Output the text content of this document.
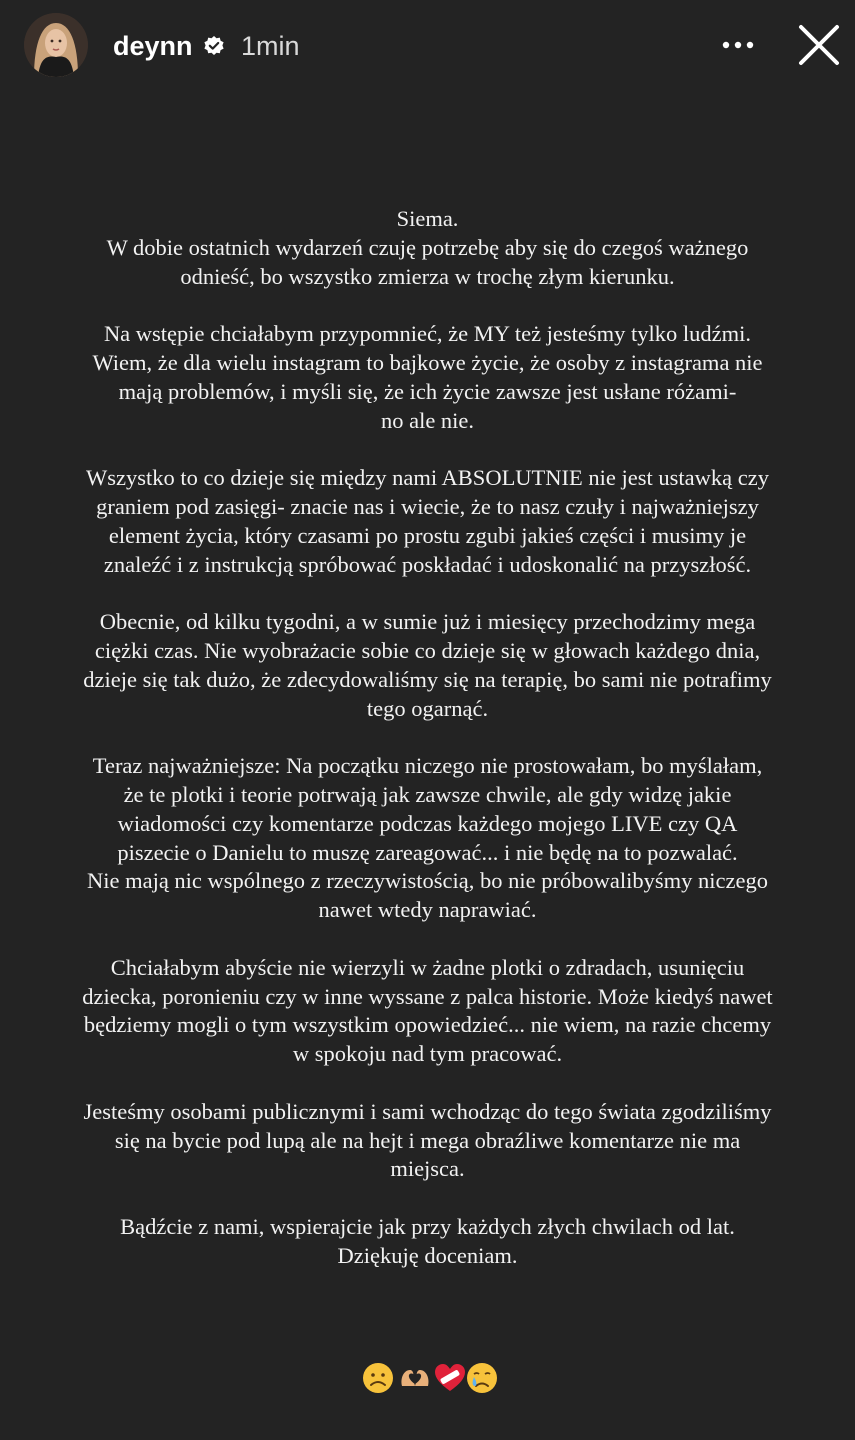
deynn 1min

Siema.
W dobie ostatnich wydarzeń czuję potrzebę aby się do czegoś ważnego
odnieść, bo wszystko zmierza w trochę złym kierunku.

Na wstępie chciałabym przypomnieć, że MY też jesteśmy tylko ludźmi.
Wiem, że dla wielu instagram to bajkowe życie, że osoby z instagrama nie
mają problemów, i myśli się, że ich życie zawsze jest usłane różami-
no ale nie.

Wszystko to co dzieje się między nami ABSOLUTNIE nie jest ustawką czy
graniem pod zasięgi- znacie nas i wiecie, że to nasz czuły i najważniejszy
element życia, który czasami po prostu zgubi jakieś części i musimy je
znaleźć i z instrukcją spróbować poskładać i udoskonalić na przyszłość.

Obecnie, od kilku tygodni, a w sumie już i miesięcy przechodzimy mega
ciężki czas. Nie wyobrażacie sobie co dzieje się w głowach każdego dnia,
dzieje się tak dużo, że zdecydowaliśmy się na terapię, bo sami nie potrafimy
tego ogarnąć.

Teraz najważniejsze: Na początku niczego nie prostowałam, bo myślałam,
że te plotki i teorie potrwają jak zawsze chwile, ale gdy widzę jakie
wiadomości czy komentarze podczas każdego mojego LIVE czy QA
piszecie o Danielu to muszę zareagować... i nie będę na to pozwalać.
Nie mają nic wspólnego z rzeczywistością, bo nie próbowalibyśmy niczego
nawet wtedy naprawiać.

Chciałabym abyście nie wierzyli w żadne plotki o zdradach, usunięciu
dziecka, poronieniu czy w inne wyssane z palca historie. Może kiedyś nawet
będziemy mogli o tym wszystkim opowiedzieć... nie wiem, na razie chcemy
w spokoju nad tym pracować.

Jesteśmy osobami publicznymi i sami wchodząc do tego świata zgodziliśmy
się na bycie pod lupą ale na hejt i mega obraźliwe komentarze nie ma
miejsca.

Bądźcie z nami, wspierajcie jak przy każdych złych chwilach od lat.
Dziękuję doceniam.
